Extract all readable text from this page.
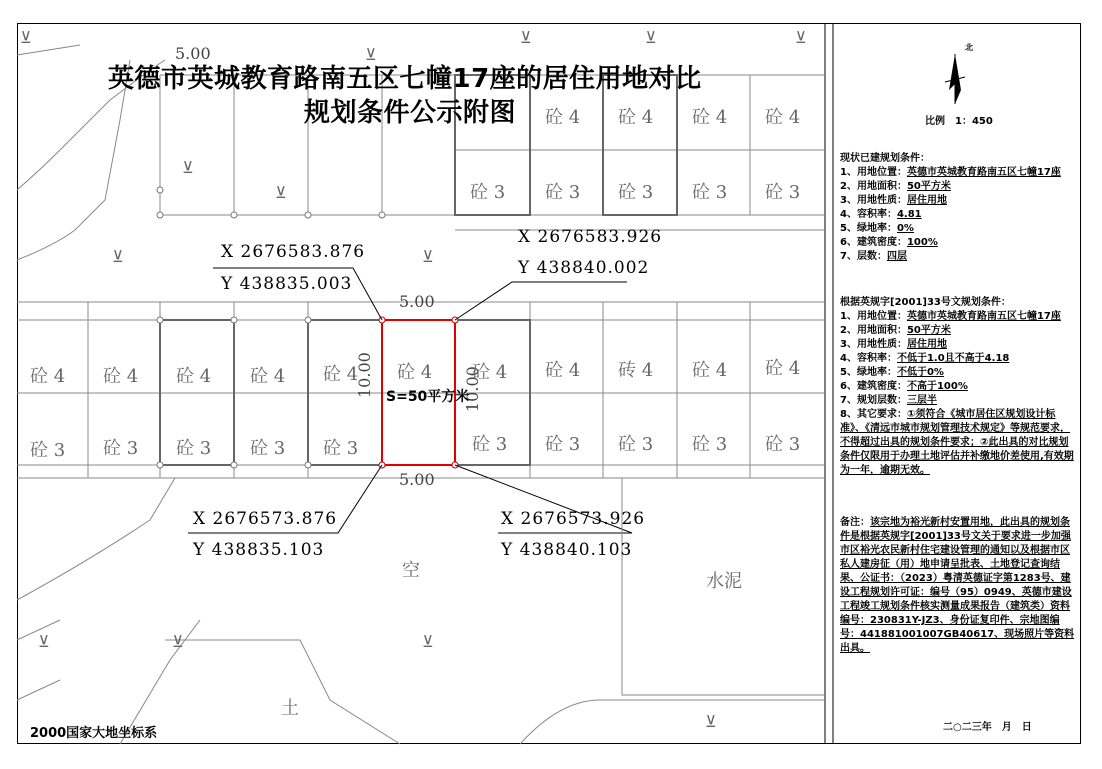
英德市英城教育路南五区七幢17座的居住用地对比
规划条件公示附图
5.00
5.00
5.00
10.00	10.00
S=50平方米
X 2676583.876
Y 438835.003
X 2676583.926
Y 438840.002
X 2676573.876
Y 438835.103
X 2676573.926
Y 438840.103
砼 4 砼 4 砼 4 砼 4
砼 3 砼 3 砼 3 砼 3 砼 3
砼 4 砼 4 砼 4 砼 4 砼 4 砼 4 砼 4 砼 4 砖 4 砼 4 砼 4
砼 3 砼 3 砼 3 砼 3 砼 3	砼 3 砼 3 砼 3 砼 3 砼 3
空
水泥
土
⊻
⊻
⊻	⊻	⊻
⊻
⊻
⊻	⊻
⊻	⊻
⊻
⊻
2000国家大地坐标系
北
比例　1：450
现状已建规划条件：
1、用地位置：英德市英城教育路南五区七幢17座
2、用地面积：50平方米
3、用地性质：居住用地
4、容积率：4.81
5、绿地率：0%
6、建筑密度：100%
7、层数：四层
根据英规字[2001]33号文规划条件：
1、用地位置：英德市英城教育路南五区七幢17座
2、用地面积：50平方米
3、用地性质：居住用地
4、容积率：不低于1.0且不高于4.18
5、绿地率：不低于0%
6、建筑密度：不高于100%
7、规划层数：三层半
8、其它要求：①须符合《城市居住区规划设计标准》、《清远市城市规划管理技术规定》等规范要求，不得超过出具的规划条件要求；②此出具的对比规划条件仅限用于办理土地评估并补缴地价差使用,有效期为一年，逾期无效。
备注：该宗地为裕光新村安置用地，此出具的规划条件是根据英规字[2001]33号文关于要求进一步加强市区裕光农民新村住宅建设管理的通知以及根据市区私人建房征（用）地申请呈批表、土地登记查询结果、公证书：（2023）粤清英德证字第1283号、建设工程规划许可证：编号（95）0949、英德市建设工程竣工规划条件核实测量成果报告（建筑类）资料编号：230831Y-JZ3、身份证复印件、宗地图编号：441881001007GB40617、现场照片等资料出具。
二○二三年　月　日
